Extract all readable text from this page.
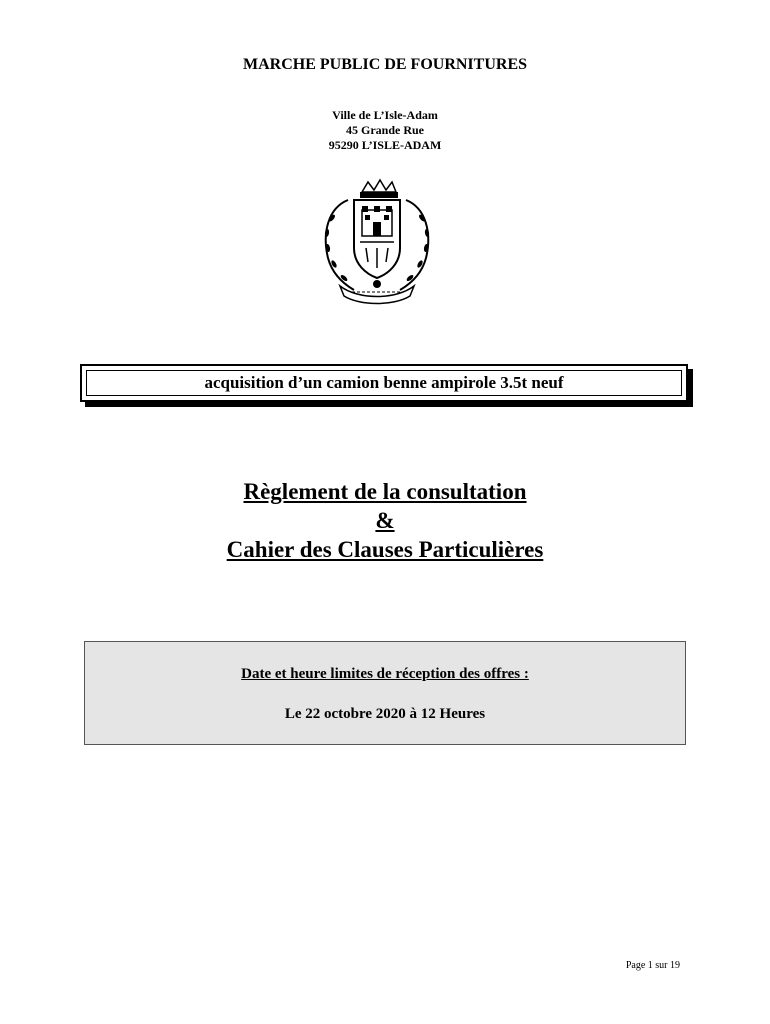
MARCHE PUBLIC DE FOURNITURES
Ville de L’Isle-Adam
45 Grande Rue
95290 L’ISLE-ADAM
acquisition d’un camion benne ampirole 3.5t neuf
Règlement de la consultation
&
Cahier des Clauses Particulières
Date et heure limites de réception des offres :
Le 22 octobre 2020 à 12 Heures
Page 1 sur 19
